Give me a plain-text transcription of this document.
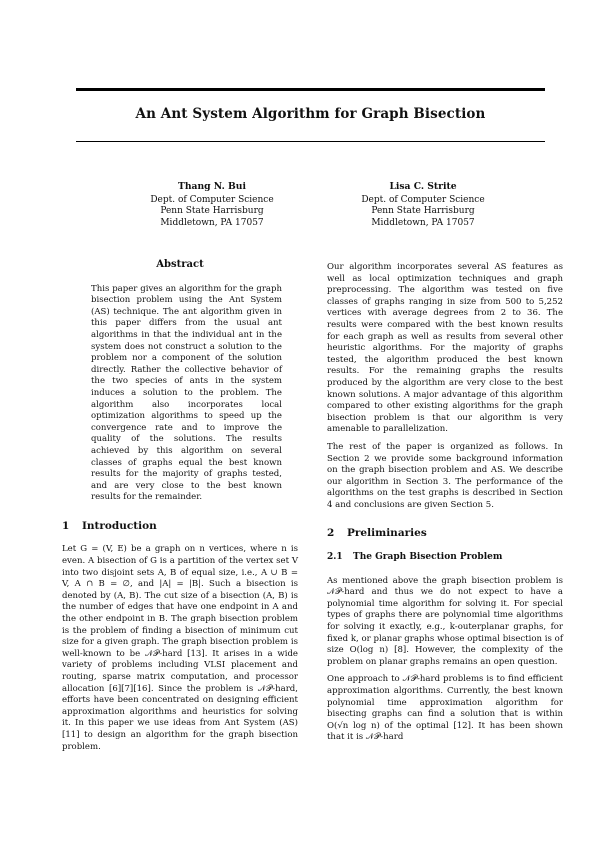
An Ant System Algorithm for Graph Bisection
Thang N. Bui
Dept. of Computer Science
Penn State Harrisburg
Middletown, PA 17057
Lisa C. Strite
Dept. of Computer Science
Penn State Harrisburg
Middletown, PA 17057
Abstract
This paper gives an algorithm for the graph bisection problem using the Ant System (AS) technique. The ant algorithm given in this paper differs from the usual ant algorithms in that the individual ant in the system does not construct a solution to the problem nor a component of the solution directly. Rather the collective behavior of the two species of ants in the system induces a solution to the problem. The algorithm also incorporates local optimization algorithms to speed up the convergence rate and to improve the quality of the solutions. The results achieved by this algorithm on several classes of graphs equal the best known results for the majority of graphs tested, and are very close to the best known results for the remainder.
1 Introduction

Let G = (V, E) be a graph on n vertices, where n is even. A bisection of G is a partition of the vertex set V into two disjoint sets A, B of equal size, i.e., A ∪ B = V, A ∩ B = ∅, and |A| = |B|. Such a bisection is denoted by (A, B). The cut size of a bisection (A, B) is the number of edges that have one endpoint in A and the other endpoint in B. The graph bisection problem is the problem of finding a bisection of minimum cut size for a given graph. The graph bisection problem is well-known to be 𝒩𝒫-hard [13]. It arises in a wide variety of problems including VLSI placement and routing, sparse matrix computation, and processor allocation [6][7][16]. Since the problem is 𝒩𝒫-hard, efforts have been concentrated on designing efficient approximation algorithms and heuristics for solving it. In this paper we use ideas from Ant System (AS) [11] to design an algorithm for the graph bisection problem.

Our algorithm incorporates several AS features as well as local optimization techniques and graph preprocessing. The algorithm was tested on five classes of graphs ranging in size from 500 to 5,252 vertices with average degrees from 2 to 36. The results were compared with the best known results for each graph as well as results from several other heuristic algorithms. For the majority of graphs tested, the algorithm produced the best known results. For the remaining graphs the results produced by the algorithm are very close to the best known solutions. A major advantage of this algorithm compared to other existing algorithms for the graph bisection problem is that our algorithm is very amenable to parallelization.

The rest of the paper is organized as follows. In Section 2 we provide some background information on the graph bisection problem and AS. We describe our algorithm in Section 3. The performance of the algorithms on the test graphs is described in Section 4 and conclusions are given Section 5.

2 Preliminaries
2.1 The Graph Bisection Problem

As mentioned above the graph bisection problem is 𝒩𝒫-hard and thus we do not expect to have a polynomial time algorithm for solving it. For special types of graphs there are polynomial time algorithms for solving it exactly, e.g., k-outerplanar graphs, for fixed k, or planar graphs whose optimal bisection is of size O(log n) [8]. However, the complexity of the problem on planar graphs remains an open question.

One approach to 𝒩𝒫-hard problems is to find efficient approximation algorithms. Currently, the best known polynomial time approximation algorithm for bisecting graphs can find a solution that is within O(√n log n) of the optimal [12]. It has been shown that it is 𝒩𝒫-hard
